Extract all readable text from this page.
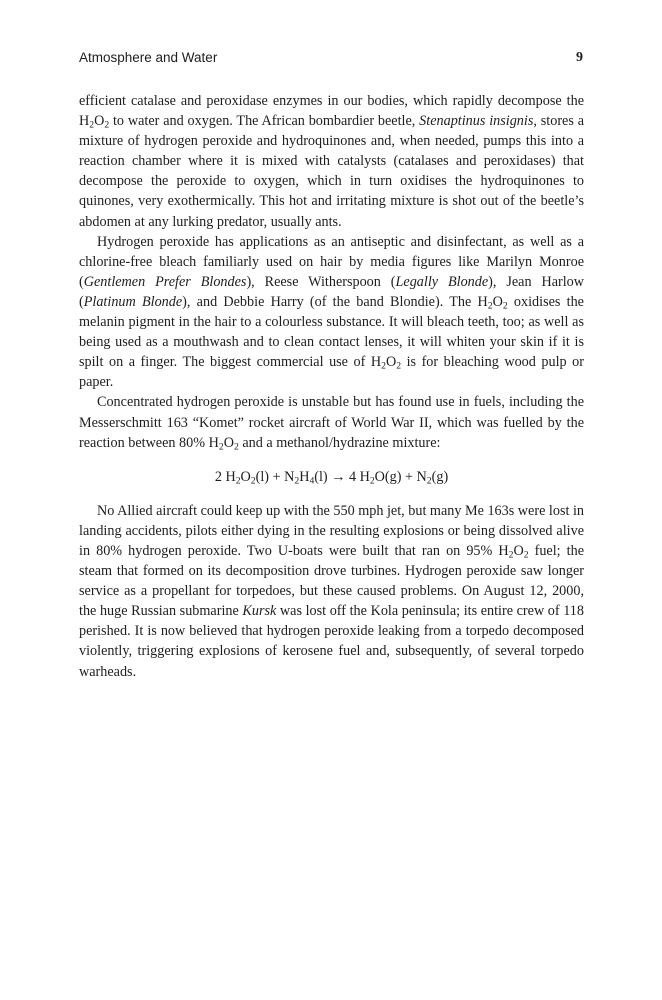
Atmosphere and Water	9

efficient catalase and peroxidase enzymes in our bodies, which rapidly decompose the $H_2O_2$ to water and oxygen. The African bombardier beetle, Stenaptinus insignis, stores a mixture of hydrogen peroxide and hydroquinones and, when needed, pumps this into a reaction chamber where it is mixed with catalysts (catalases and peroxidases) that decompose the peroxide to oxygen, which in turn oxidises the hydroquinones to quinones, very exothermically. This hot and irritating mixture is shot out of the beetle’s abdomen at any lurking predator, usually ants.

Hydrogen peroxide has applications as an antiseptic and disinfectant, as well as a chlorine-free bleach familiarly used on hair by media figures like Marilyn Monroe (Gentlemen Prefer Blondes), Reese Witherspoon (Legally Blonde), Jean Harlow (Platinum Blonde), and Debbie Harry (of the band Blondie). The $H_2O_2$ oxidises the melanin pigment in the hair to a colourless substance. It will bleach teeth, too; as well as being used as a mouthwash and to clean contact lenses, it will whiten your skin if it is spilt on a finger. The biggest commercial use of $H_2O_2$ is for bleaching wood pulp or paper.

Concentrated hydrogen peroxide is unstable but has found use in fuels, including the Messerschmitt 163 “Komet” rocket aircraft of World War II, which was fuelled by the reaction between 80% $H_2O_2$ and a methanol/hydrazine mixture:

2 $H_2O_2(l) + N_2H_4(l) \to 4$ $H_2O(g) + N_2(g)$

No Allied aircraft could keep up with the 550 mph jet, but many Me 163s were lost in landing accidents, pilots either dying in the resulting explosions or being dissolved alive in 80% hydrogen peroxide. Two U-boats were built that ran on 95% $H_2O_2$ fuel; the steam that formed on its decomposition drove turbines. Hydrogen peroxide saw longer service as a propellant for torpedoes, but these caused problems. On August 12, 2000, the huge Russian submarine Kursk was lost off the Kola peninsula; its entire crew of 118 perished. It is now believed that hydrogen peroxide leaking from a torpedo decomposed violently, triggering explosions of kerosene fuel and, subsequently, of several torpedo warheads.
